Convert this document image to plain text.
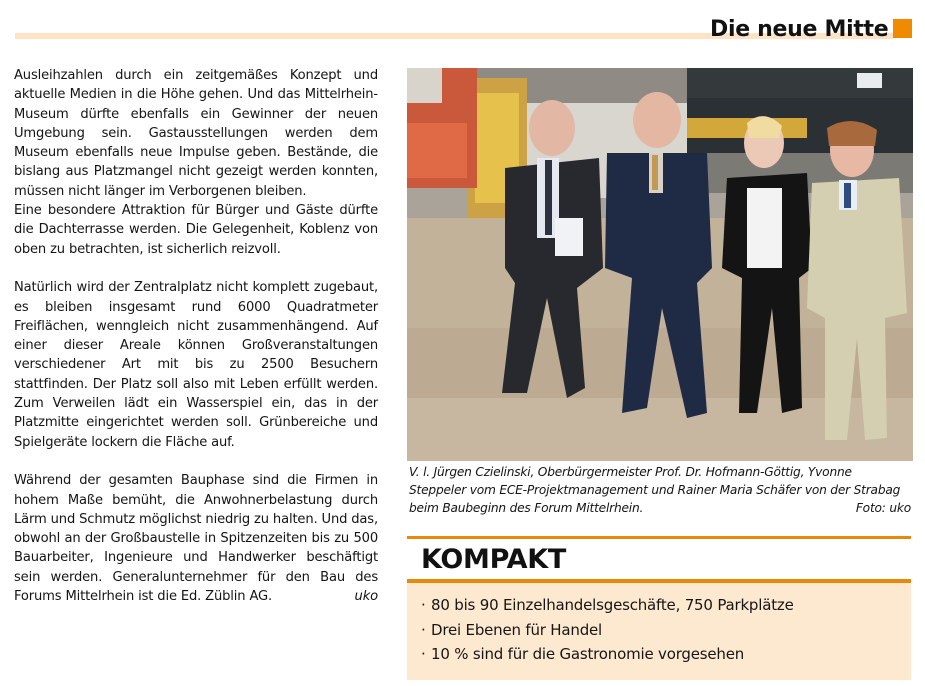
Die neue Mitte

Ausleihzahlen durch ein zeitgemäßes Konzept und aktuelle Medien in die Höhe gehen. Und das Mittelrhein-Museum dürfte ebenfalls ein Gewinner der neuen Umgebung sein. Gastausstellungen werden dem Museum ebenfalls neue Impulse geben. Bestände, die bislang aus Platzmangel nicht gezeigt werden konnten, müssen nicht länger im Verborgenen bleiben.

Eine besondere Attraktion für Bürger und Gäste dürfte die Dachterrasse werden. Die Gelegenheit, Koblenz von oben zu betrachten, ist sicherlich reizvoll.

Natürlich wird der Zentralplatz nicht komplett zugebaut, es bleiben insgesamt rund 6000 Quadratmeter Freiflächen, wenngleich nicht zusammenhängend. Auf einer dieser Areale können Großveranstaltungen verschiedener Art mit bis zu 2500 Besuchern stattfinden. Der Platz soll also mit Leben erfüllt werden. Zum Verweilen lädt ein Wasserspiel ein, das in der Platzmitte eingerichtet werden soll. Grünbereiche und Spielgeräte lockern die Fläche auf.

Während der gesamten Bauphase sind die Firmen in hohem Maße bemüht, die Anwohnerbelastung durch Lärm und Schmutz möglichst niedrig zu halten. Und das, obwohl an der Großbaustelle in Spitzenzeiten bis zu 500 Bauarbeiter, Ingenieure und Handwerker beschäftigt sein werden. Generalunternehmer für den Bau des Forums Mittelrhein ist die Ed. Züblin AG.	uko

V. l. Jürgen Czielinski, Oberbürgermeister Prof. Dr. Hofmann-Göttig, Yvonne Steppeler vom ECE-Projektmanagement und Rainer Maria Schäfer von der Strabag beim Baubeginn des Forum Mittelrhein.	Foto: uko
KOMPAKT
· 80 bis 90 Einzelhandelsgeschäfte, 750 Parkplätze
· Drei Ebenen für Handel
· 10 % sind für die Gastronomie vorgesehen
